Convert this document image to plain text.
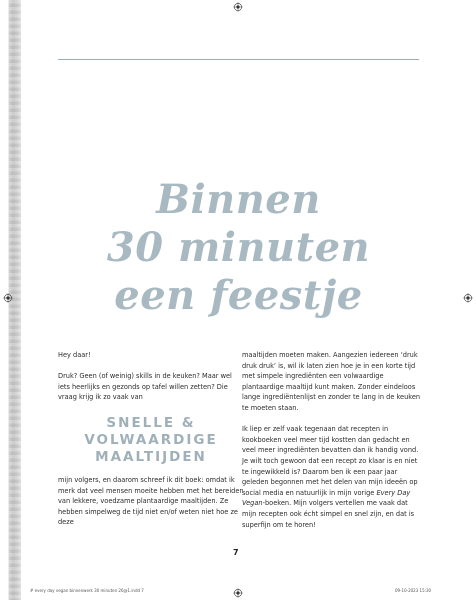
Binnen
30 minuten
een feestje

Hey daar!

Druk? Geen (of weinig) skills in de keuken? Maar wel iets heerlijks en gezonds op tafel willen zetten? Die vraag krijg ik zo vaak van

SNELLE &
VOLWAARDIGE
MAALTIJDEN

mijn volgers, en daarom schreef ik dit boek: omdat ik merk dat veel mensen moeite hebben met het bereiden van lekkere, voedzame plantaardige maaltijden. Ze hebben simpelweg de tijd niet en/of weten niet hoe ze deze

maaltijden moeten maken. Aangezien iedereen ‘druk druk druk’ is, wil ik laten zien hoe je in een korte tijd met simpele ingrediënten een volwaardige plantaardige maaltijd kunt maken. Zonder eindeloos lange ingrediëntenlijst en zonder te lang in de keuken te moeten staan.

Ik liep er zelf vaak tegenaan dat recepten in kookboeken veel meer tijd kostten dan gedacht en veel meer ingrediënten bevatten dan ik handig vond. Je wilt toch gewoon dat een recept zo klaar is en niet te ingewikkeld is? Daarom ben ik een paar jaar geleden begonnen met het delen van mijn ideeën op social media en natuurlijk in mijn vorige Every Day Vegan-boeken. Mijn volgers vertellen me vaak dat mijn recepten ook écht simpel en snel zijn, en dat is superfijn om te horen!

7
# every day vegan binnenwerk 30 minuten 26@1.indd 7	09-10-2023 15:30
